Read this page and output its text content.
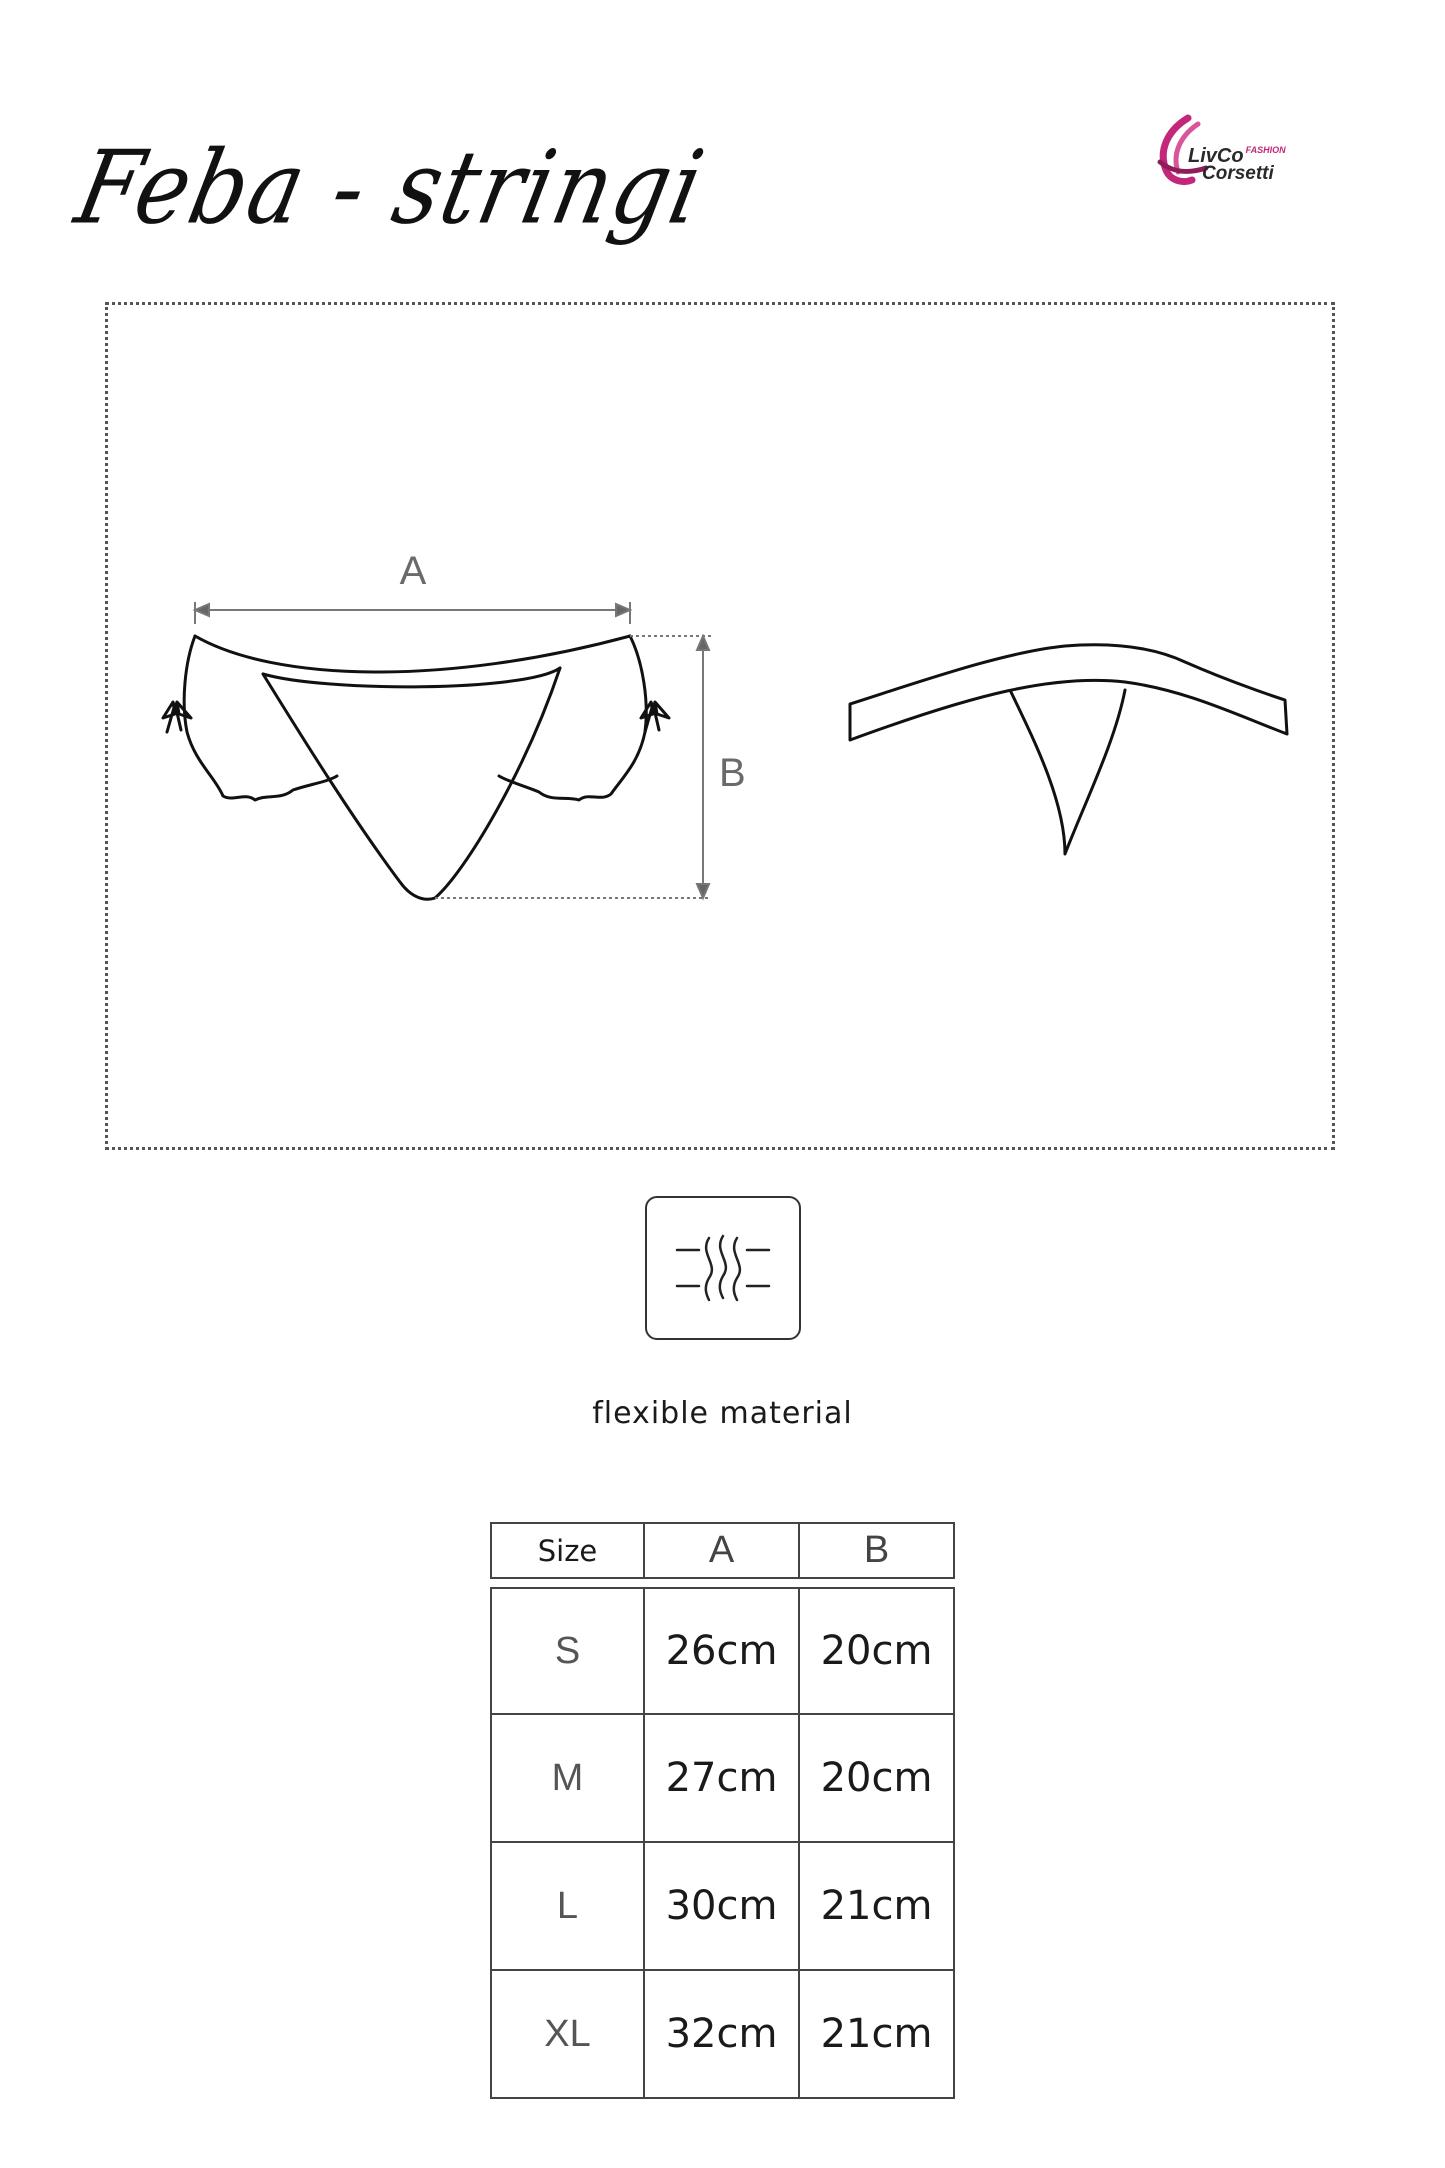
Feba - stringi	LivCo $^{FASHION}$
Corsetti
A
B
flexible material
Size	A	B
S	26cm	20cm
M	27cm	20cm
L	30cm	21cm
XL	32cm	21cm
